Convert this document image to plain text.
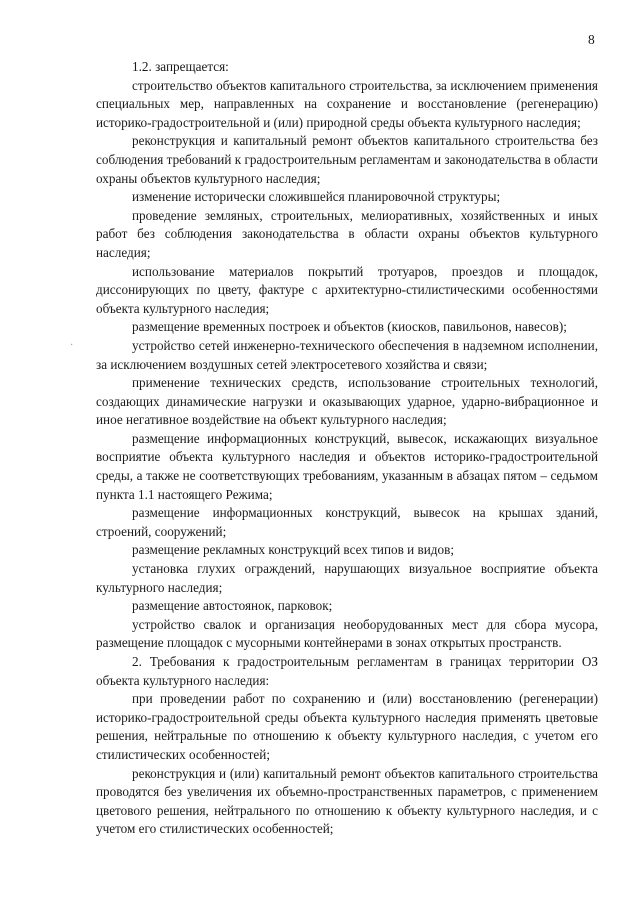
8
·

1.2. запрещается:

строительство объектов капитального строительства, за исключением применения специальных мер, направленных на сохранение и восстановление (регенерацию) историко-градостроительной и (или) природной среды объекта культурного наследия;

реконструкция и капитальный ремонт объектов капитального строительства без соблюдения требований к градостроительным регламентам и законодательства в области охраны объектов культурного наследия;

изменение исторически сложившейся планировочной структуры;

проведение земляных, строительных, мелиоративных, хозяйственных и иных работ без соблюдения законодательства в области охраны объектов культурного наследия;

использование материалов покрытий тротуаров, проездов и площадок, диссонирующих по цвету, фактуре с архитектурно-стилистическими особенностями объекта культурного наследия;

размещение временных построек и объектов (киосков, павильонов, навесов);

устройство сетей инженерно-технического обеспечения в надземном исполнении, за исключением воздушных сетей электросетевого хозяйства и связи;

применение технических средств, использование строительных технологий, создающих динамические нагрузки и оказывающих ударное, ударно-вибрационное и иное негативное воздействие на объект культурного наследия;

размещение информационных конструкций, вывесок, искажающих визуальное восприятие объекта культурного наследия и объектов историко-градостроительной среды, а также не соответствующих требованиям, указанным в абзацах пятом – седьмом пункта 1.1 настоящего Режима;

размещение информационных конструкций, вывесок на крышах зданий, строений, сооружений;

размещение рекламных конструкций всех типов и видов;

установка глухих ограждений, нарушающих визуальное восприятие объекта культурного наследия;

размещение автостоянок, парковок;

устройство свалок и организация необорудованных мест для сбора мусора, размещение площадок с мусорными контейнерами в зонах открытых пространств.

2. Требования к градостроительным регламентам в границах территории ОЗ объекта культурного наследия:

при проведении работ по сохранению и (или) восстановлению (регенерации) историко-градостроительной среды объекта культурного наследия применять цветовые решения, нейтральные по отношению к объекту культурного наследия, с учетом его стилистических особенностей;

реконструкция и (или) капитальный ремонт объектов капитального строительства проводятся без увеличения их объемно-пространственных параметров, с применением цветового решения, нейтрального по отношению к объекту культурного наследия, и с учетом его стилистических особенностей;
